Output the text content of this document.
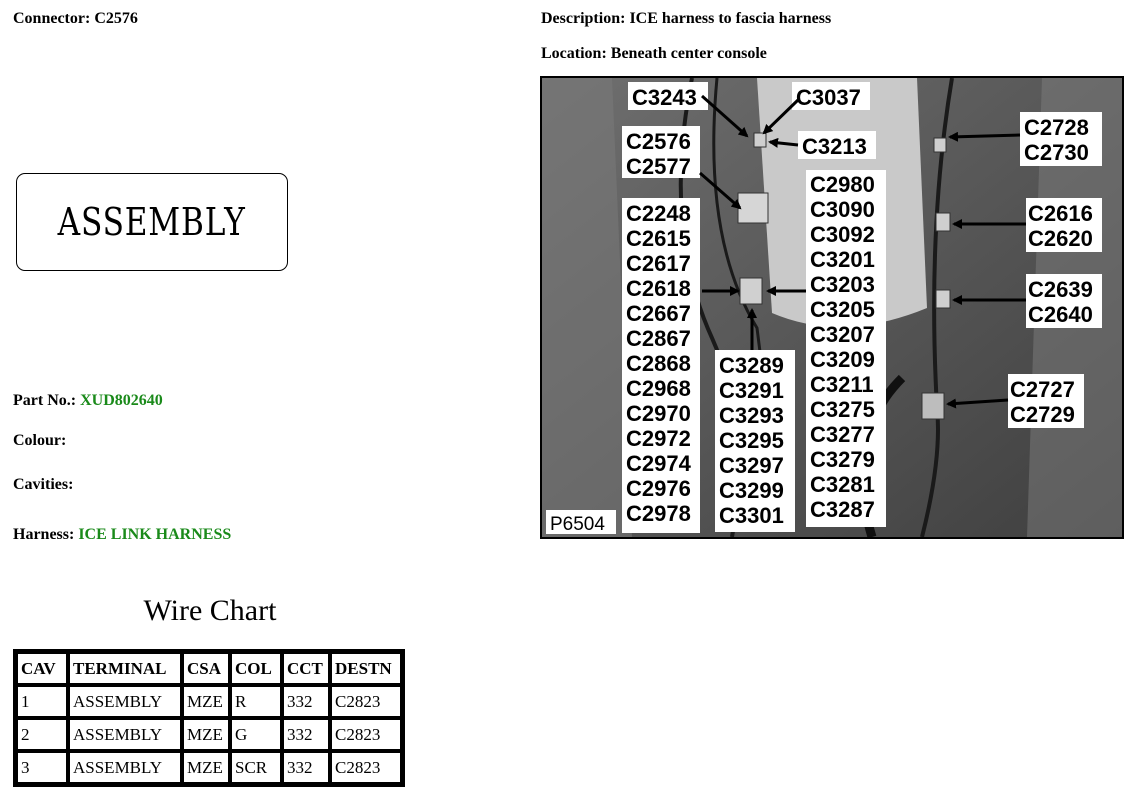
Connector: C2576	Description: ICE harness to fascia harness
Location: Beneath center console
ASSEMBLY
Part No.: XUD802640
Colour:
Cavities:
Harness: ICE LINK HARNESS
Wire Chart
CAV	TERMINAL	CSA	COL	CCT	DESTN
1	ASSEMBLY	MZE	R	332	C2823
2	ASSEMBLY	MZE	G	332	C2823
3	ASSEMBLY	MZE	SCR	332	C2823
C3243	C3037
C3213
C2576
C2577
C2248
C2615
C2617
C2618
C2667
C2867
C2868
C2968
C2970
C2972
C2974
C2976
C2978
C3289
C3291
C3293
C3295
C3297
C3299
C3301
C2980
C3090
C3092
C3201
C3203
C3205
C3207
C3209
C3211
C3275
C3277
C3279
C3281
C3287
C2728
C2730
C2616
C2620
C2639
C2640
C2727
C2729
P6504
